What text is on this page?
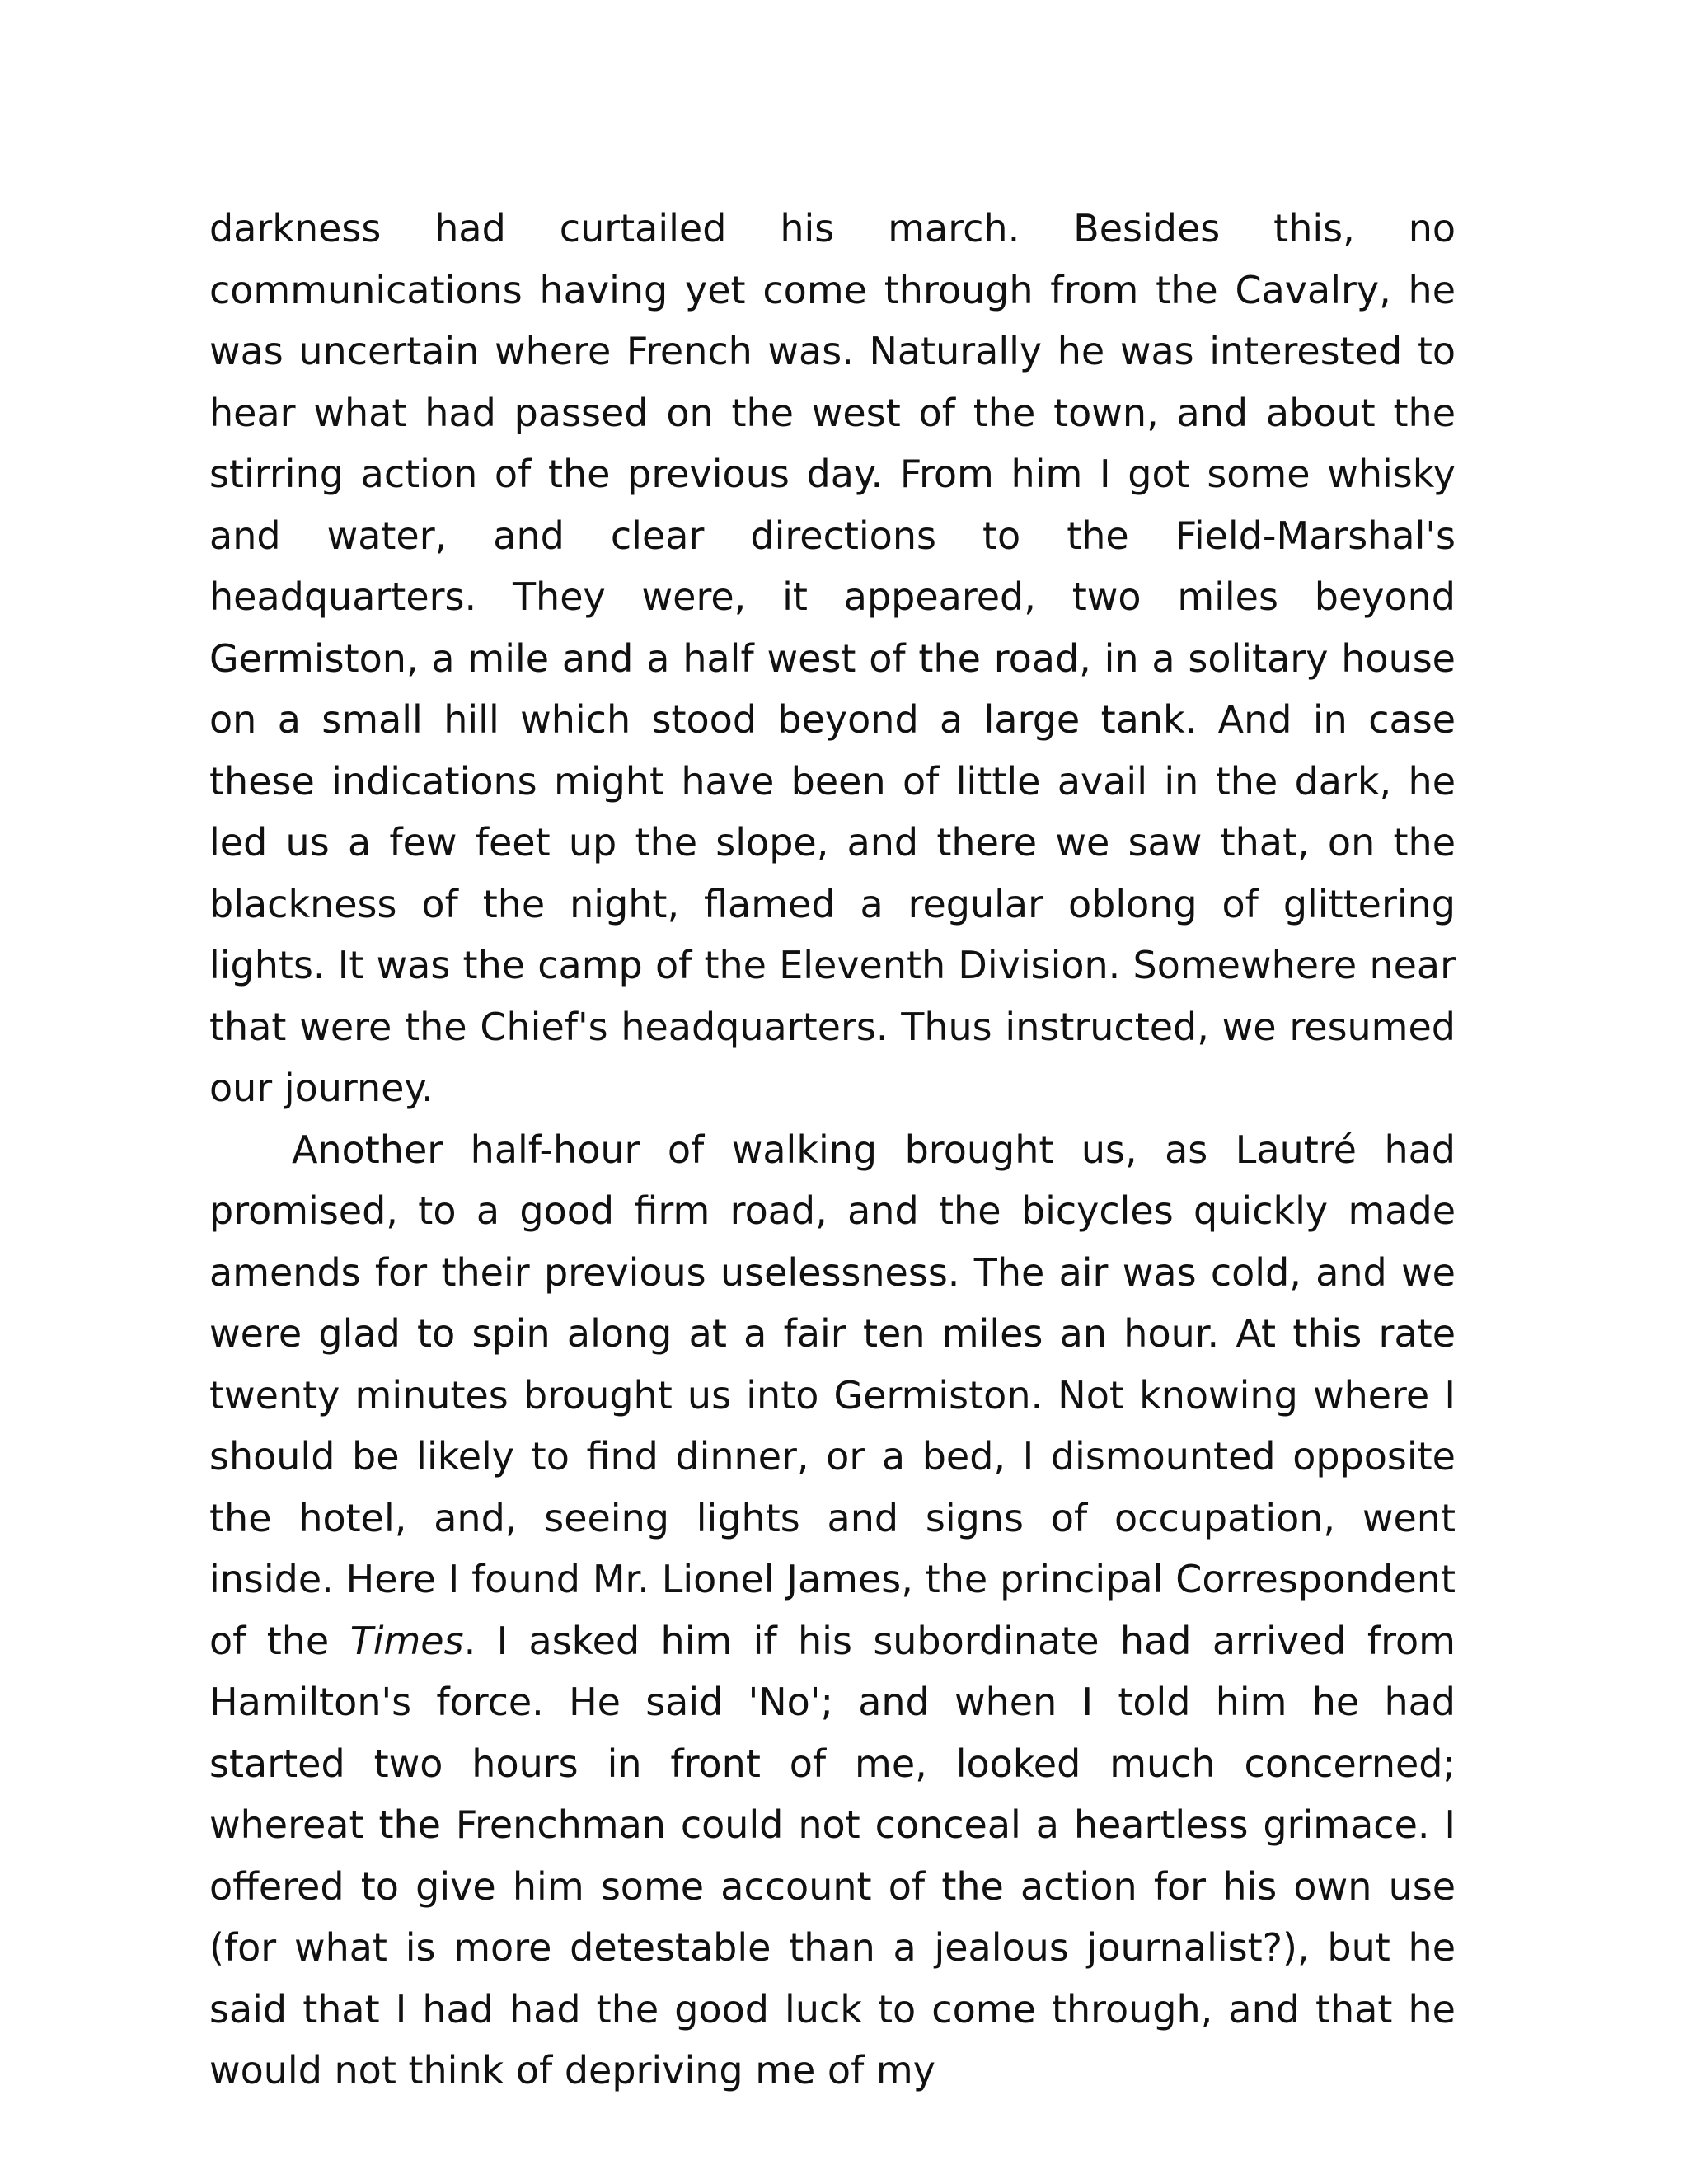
darkness had curtailed his march. Besides this, no communications having yet come through from the Cavalry, he was uncertain where French was. Naturally he was interested to hear what had passed on the west of the town, and about the stirring action of the previous day. From him I got some whisky and water, and clear directions to the Field-Marshal's headquarters. They were, it appeared, two miles beyond Germiston, a mile and a half west of the road, in a solitary house on a small hill which stood beyond a large tank. And in case these indications might have been of little avail in the dark, he led us a few feet up the slope, and there we saw that, on the blackness of the night, flamed a regular oblong of glittering lights. It was the camp of the Eleventh Division. Somewhere near that were the Chief's headquarters. Thus instructed, we resumed our journey.

Another half-hour of walking brought us, as Lautré had promised, to a good firm road, and the bicycles quickly made amends for their previous uselessness. The air was cold, and we were glad to spin along at a fair ten miles an hour. At this rate twenty minutes brought us into Germiston. Not knowing where I should be likely to find dinner, or a bed, I dismounted opposite the hotel, and, seeing lights and signs of occupation, went inside. Here I found Mr. Lionel James, the principal Correspondent of the Times. I asked him if his subordinate had arrived from Hamilton's force. He said 'No'; and when I told him he had started two hours in front of me, looked much concerned; whereat the Frenchman could not conceal a heartless grimace. I offered to give him some account of the action for his own use (for what is more detestable than a jealous journalist?), but he said that I had had the good luck to come through, and that he would not think of depriving me of my
